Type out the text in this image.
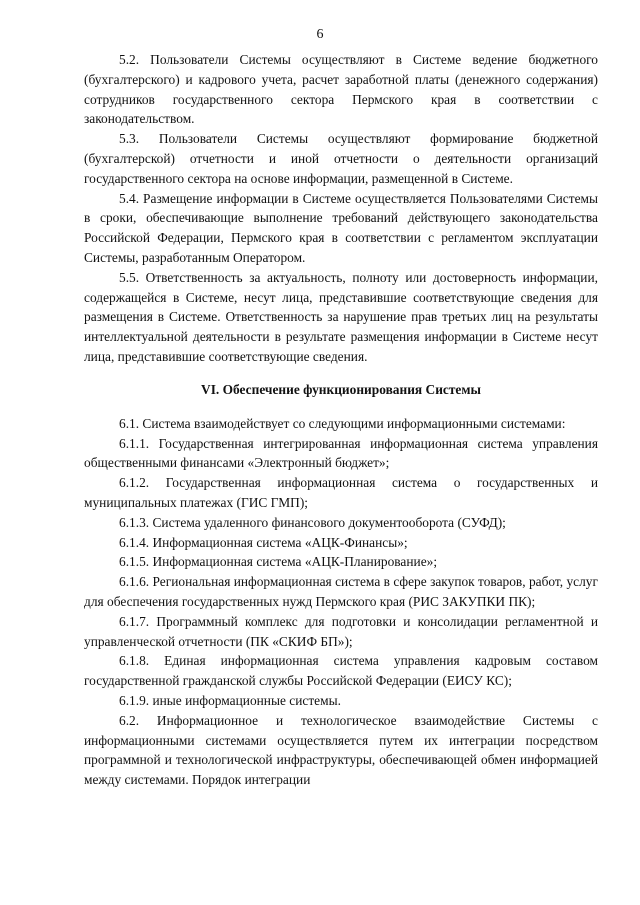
6

5.2. Пользователи Системы осуществляют в Системе ведение бюджетного (бухгалтерского) и кадрового учета, расчет заработной платы (денежного содержания) сотрудников государственного сектора Пермского края в соответствии с законодательством.

5.3. Пользователи Системы осуществляют формирование бюджетной (бухгалтерской) отчетности и иной отчетности о деятельности организаций государственного сектора на основе информации, размещенной в Системе.

5.4. Размещение информации в Системе осуществляется Пользователями Системы в сроки, обеспечивающие выполнение требований действующего законодательства Российской Федерации, Пермского края в соответствии с регламентом эксплуатации Системы, разработанным Оператором.

5.5. Ответственность за актуальность, полноту или достоверность информации, содержащейся в Системе, несут лица, представившие соответствующие сведения для размещения в Системе. Ответственность за нарушение прав третьих лиц на результаты интеллектуальной деятельности в результате размещения информации в Системе несут лица, представившие соответствующие сведения.

VI. Обеспечение функционирования Системы

6.1. Система взаимодействует со следующими информационными системами:

6.1.1. Государственная интегрированная информационная система управления общественными финансами «Электронный бюджет»;

6.1.2. Государственная информационная система о государственных и муниципальных платежах (ГИС ГМП);

6.1.3. Система удаленного финансового документооборота (СУФД);

6.1.4. Информационная система «АЦК-Финансы»;

6.1.5. Информационная система «АЦК-Планирование»;

6.1.6. Региональная информационная система в сфере закупок товаров, работ, услуг для обеспечения государственных нужд Пермского края (РИС ЗАКУПКИ ПК);

6.1.7. Программный комплекс для подготовки и консолидации регламентной и управленческой отчетности (ПК «СКИФ БП»);

6.1.8. Единая информационная система управления кадровым составом государственной гражданской службы Российской Федерации (ЕИСУ КС);

6.1.9. иные информационные системы.

6.2. Информационное и технологическое взаимодействие Системы с информационными системами осуществляется путем их интеграции посредством программной и технологической инфраструктуры, обеспечивающей обмен информацией между системами. Порядок интеграции
